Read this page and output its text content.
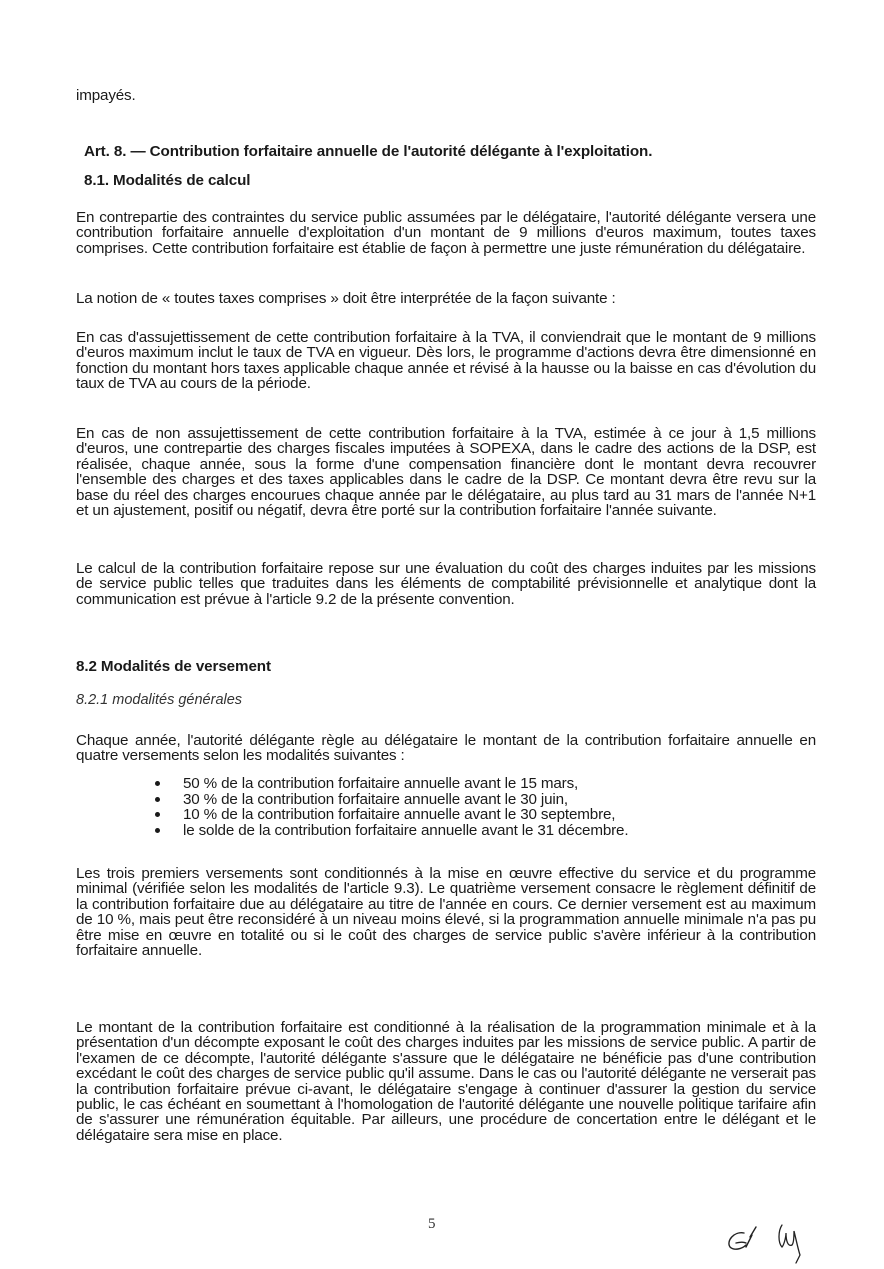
impayés.
Art. 8. — Contribution forfaitaire annuelle de l'autorité délégante à l'exploitation.
8.1. Modalités de calcul
En contrepartie des contraintes du service public assumées par le délégataire, l'autorité délégante versera une contribution forfaitaire annuelle d'exploitation d'un montant de 9 millions d'euros maximum, toutes taxes comprises. Cette contribution forfaitaire est établie de façon à permettre une juste rémunération du délégataire.
La notion de « toutes taxes comprises » doit être interprétée de la façon suivante :
En cas d'assujettissement de cette contribution forfaitaire à la TVA, il conviendrait que le montant de 9 millions d'euros maximum inclut le taux de TVA en vigueur. Dès lors, le programme d'actions devra être dimensionné en fonction du montant hors taxes applicable chaque année et révisé à la hausse ou la baisse en cas d'évolution du taux de TVA au cours de la période.
En cas de non assujettissement de cette contribution forfaitaire à la TVA, estimée à ce jour à 1,5 millions d'euros, une contrepartie des charges fiscales imputées à SOPEXA, dans le cadre des actions de la DSP, est réalisée, chaque année, sous la forme d'une compensation financière dont le montant devra recouvrer l'ensemble des charges et des taxes applicables dans le cadre de la DSP. Ce montant devra être revu sur la base du réel des charges encourues chaque année par le délégataire, au plus tard au 31 mars de l'année N+1 et un ajustement, positif ou négatif, devra être porté sur la contribution forfaitaire l'année suivante.
Le calcul de la contribution forfaitaire repose sur une évaluation du coût des charges induites par les missions de service public telles que traduites dans les éléments de comptabilité prévisionnelle et analytique dont la communication est prévue à l'article 9.2 de la présente convention.
8.2 Modalités de versement
8.2.1 modalités générales
Chaque année, l'autorité délégante règle au délégataire le montant de la contribution forfaitaire annuelle en quatre versements selon les modalités suivantes :
50 % de la contribution forfaitaire annuelle avant le 15 mars,
30 % de la contribution forfaitaire annuelle avant le 30 juin,
10 % de la contribution forfaitaire annuelle avant le 30 septembre,
le solde de la contribution forfaitaire annuelle avant le 31 décembre.
Les trois premiers versements sont conditionnés à la mise en œuvre effective du service et du programme minimal (vérifiée selon les modalités de l'article 9.3). Le quatrième versement consacre le règlement définitif de la contribution forfaitaire due au délégataire au titre de l'année en cours. Ce dernier versement est au maximum de 10 %, mais peut être reconsidéré à un niveau moins élevé, si la programmation annuelle minimale n'a pas pu être mise en œuvre en totalité ou si le coût des charges de service public s'avère inférieur à la contribution forfaitaire annuelle.
Le montant de la contribution forfaitaire est conditionné à la réalisation de la programmation minimale et à la présentation d'un décompte exposant le coût des charges induites par les missions de service public. A partir de l'examen de ce décompte, l'autorité délégante s'assure que le délégataire ne bénéficie pas d'une contribution excédant le coût des charges de service public qu'il assume. Dans le cas ou l'autorité délégante ne verserait pas la contribution forfaitaire prévue ci-avant, le délégataire s'engage à continuer d'assurer la gestion du service public, le cas échéant en soumettant à l'homologation de l'autorité délégante une nouvelle politique tarifaire afin de s'assurer une rémunération équitable. Par ailleurs, une procédure de concertation entre le délégant et le délégataire sera mise en place.
5
